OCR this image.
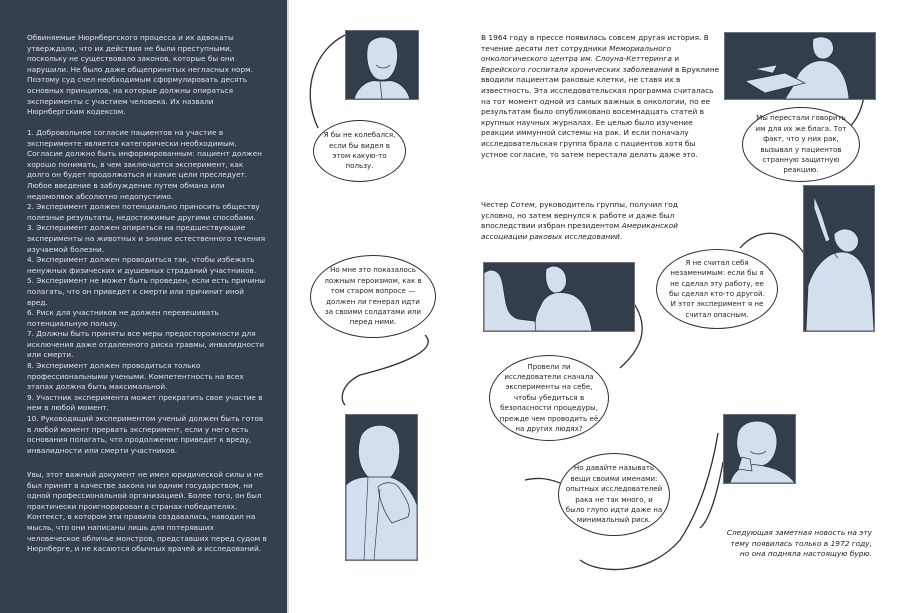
Обвиняемые Нюрнбергского процесса и их адвокаты утверждали, что их действия не были преступными, поскольку не существовало законов, которые бы они нарушили. Не было даже общепринятых негласных норм. Поэтому суд счел необходимым сформулировать десять основных принципов, на которые должны опираться эксперименты с участием человека. Их назвали Нюрнбергским кодексом.

1. Добровольное согласие пациентов на участие в эксперименте является категорически необходимым. Согласие должно быть информированным: пациент должен хорошо понимать, в чем заключается эксперимент, как долго он будет продолжаться и какие цели преследует. Любое введение в заблуждение путем обмана или недомолвок абсолютно недопустимо.

2. Эксперимент должен потенциально приносить обществу полезные результаты, недостижимые другими способами.

3. Эксперимент должен опираться на предшествующие эксперименты на животных и знание естественного течения изучаемой болезни.

4. Эксперимент должен проводиться так, чтобы избежать ненужных физических и душевных страданий участников.

5. Эксперимент не может быть проведен, если есть причины полагать, что он приведет к смерти или причинит иной вред.

6. Риск для участников не должен перевешивать потенциальную пользу.

7. Должны быть приняты все меры предосторожности для исключения даже отдаленного риска травмы, инвалидности или смерти.

8. Эксперимент должен проводиться только профессиональными учеными. Компетентность на всех этапах должна быть максимальной.

9. Участник эксперимента может прекратить свое участие в нем в любой момент.

10. Руководящий экспериментом ученый должен быть готов в любой момент прервать эксперимент, если у него есть основания полагать, что продолжение приведет к вреду, инвалидности или смерти участников.

Увы, этот важный документ не имел юридической силы и не был принят в качестве закона ни одним государством, ни одной профессиональной организацией. Более того, он был практически проигнорирован в странах-победителях. Контекст, в котором эти правила создавались, наводил на мысль, что они написаны лишь для потерявших человеческое обличье монстров, представших перед судом в Нюрнберге, и не касаются обычных врачей и исследований.

В 1964 году в прессе появилась совсем другая история. В течение десяти лет сотрудники Мемориального онкологического центра им. Слоуна-Кеттеринга и Еврейского госпиталя хронических заболеваний в Бруклине вводили пациентам раковые клетки, не ставя их в известность. Эта исследовательская программа считалась на тот момент одной из самых важных в онкологии, по ее результатам было опубликовано восемнадцать статей в крупных научных журналах. Ее целью было изучение реакции иммунной системы на рак. И если поначалу исследовательская группа брала с пациентов хотя бы устное согласие, то затем перестала делать даже это.
Честер Сотем, руководитель группы, получил год условно, но затем вернулся к работе и даже был впоследствии избран президентом Американской ассоциации раковых исследований.
Следующая заметная новость на эту тему появилась только в 1972 году, но она подняла настоящую бурю.
Я бы не колебался, если бы видел в этом какую-то пользу.
Мы перестали говорить им для их же блага. Тот факт, что у них рак, вызывал у пациентов странную защитную реакцию.
Но мне это показалось ложным героизмом, как в том старом вопросе — должен ли генерал идти за своими солдатами или перед ними.
Я не считал себя незаменимым: если бы я не сделал эту работу, ее бы сделал кто-то другой. И этот эксперимент я не считал опасным.
Провели ли исследователи сначала эксперименты на себе, чтобы убедиться в безопасности процедуры, прежде чем проводить её на других людях?
Но давайте называть вещи своими именами: опытных исследователей рака не так много, и было глупо идти даже на минимальный риск.
